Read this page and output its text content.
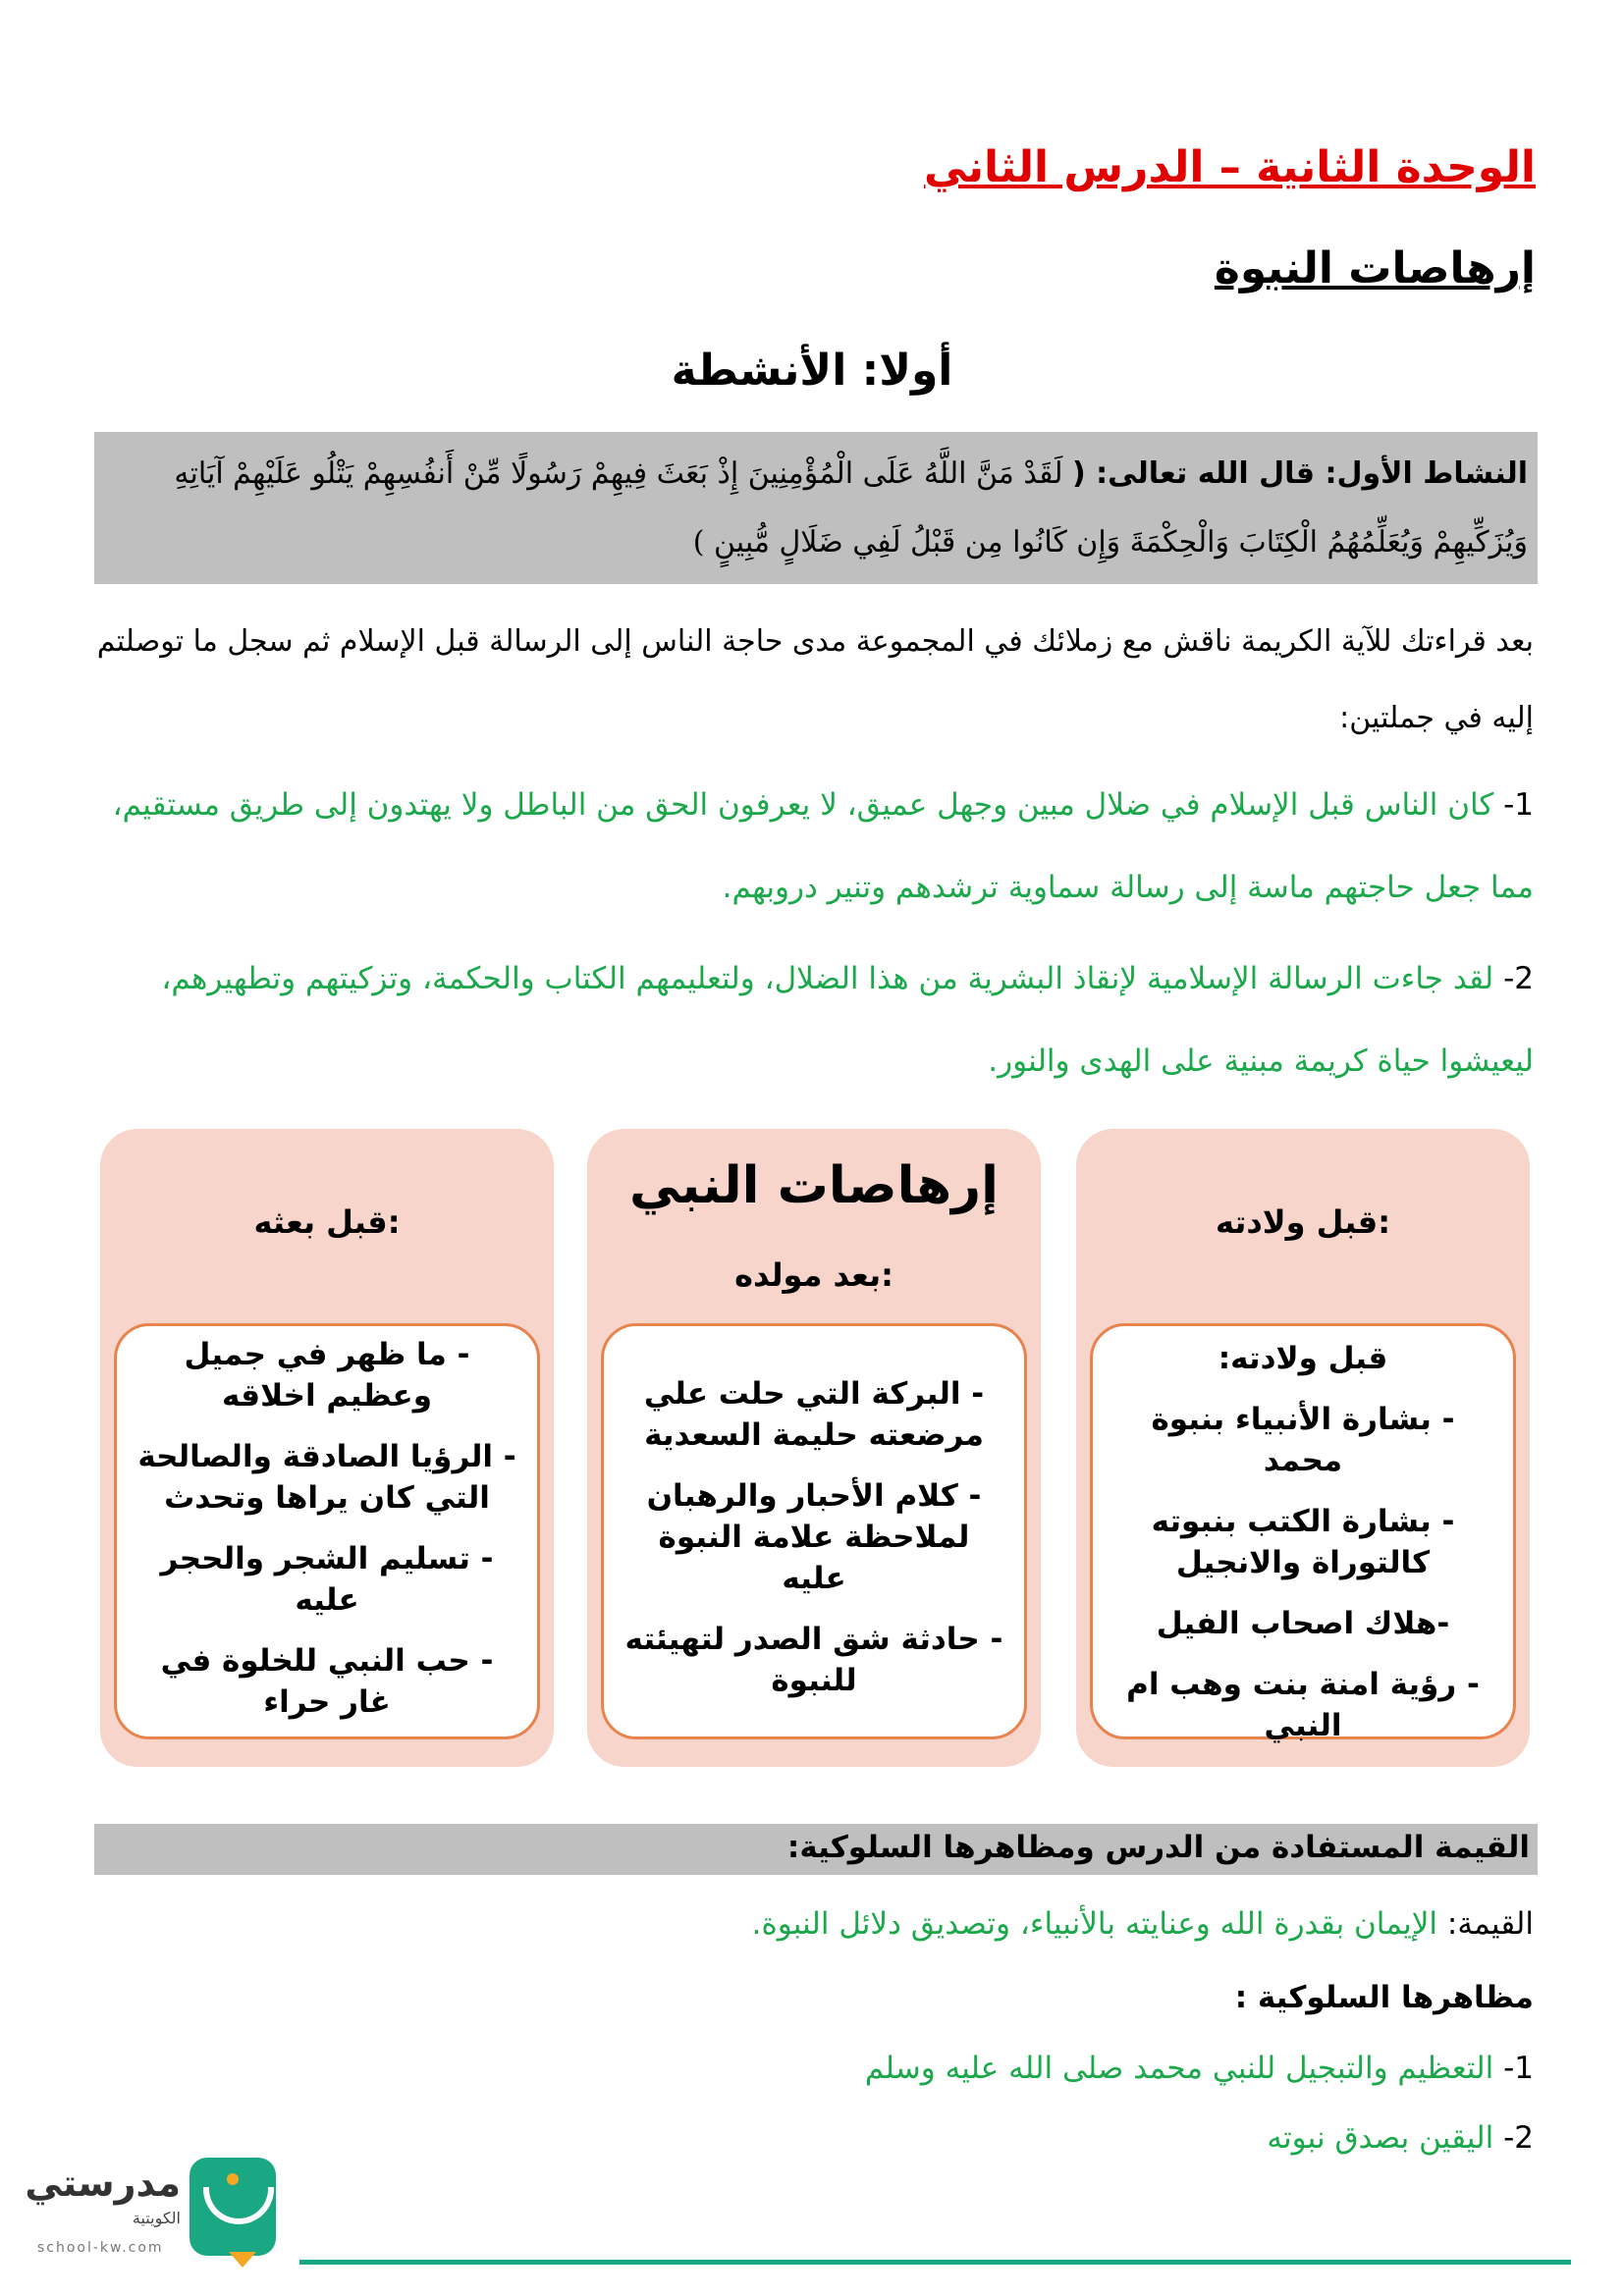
الوحدة الثانية – الدرس الثاني
إرهاصات النبوة
أولا: الأنشطة
النشاط الأول: قال الله تعالى: ( لَقَدْ مَنَّ اللَّهُ عَلَى الْمُؤْمِنِينَ إِذْ بَعَثَ فِيهِمْ رَسُولًا مِّنْ أَنفُسِهِمْ يَتْلُو عَلَيْهِمْ آيَاتِهِ وَيُزَكِّيهِمْ وَيُعَلِّمُهُمُ الْكِتَابَ وَالْحِكْمَةَ وَإِن كَانُوا مِن قَبْلُ لَفِي ضَلَالٍ مُّبِينٍ )
بعد قراءتك للآية الكريمة ناقش مع زملائك في المجموعة مدى حاجة الناس إلى الرسالة قبل الإسلام ثم سجل ما توصلتم إليه في جملتين:
1- كان الناس قبل الإسلام في ضلال مبين وجهل عميق، لا يعرفون الحق من الباطل ولا يهتدون إلى طريق مستقيم، مما جعل حاجتهم ماسة إلى رسالة سماوية ترشدهم وتنير دروبهم.
2- لقد جاءت الرسالة الإسلامية لإنقاذ البشرية من هذا الضلال، ولتعليمهم الكتاب والحكمة، وتزكيتهم وتطهيرهم، ليعيشوا حياة كريمة مبنية على الهدى والنور.
قبل ولادته:
قبل ولادته:
- بشارة الأنبياء بنبوة محمد
- بشارة الكتب بنبوته كالتوراة والانجيل
-هلاك اصحاب الفيل
- رؤية امنة بنت وهب ام النبي
إرهاصات النبي
بعد مولده:
- البركة التي حلت علي مرضعته حليمة السعدية
- كلام الأحبار والرهبان لملاحظة علامة النبوة عليه
- حادثة شق الصدر لتهيئته للنبوة
قبل بعثه:
- ما ظهر في جميل وعظيم اخلاقه
- الرؤيا الصادقة والصالحة التي كان يراها وتحدث
- تسليم الشجر والحجر عليه
- حب النبي للخلوة في غار حراء
القيمة المستفادة من الدرس ومظاهرها السلوكية:
القيمة: الإيمان بقدرة الله وعنايته بالأنبياء، وتصديق دلائل النبوة.
مظاهرها السلوكية :
1- التعظيم والتبجيل للنبي محمد صلى الله عليه وسلم
2- اليقين بصدق نبوته
مدرستي
الكويتية
school-kw.com
